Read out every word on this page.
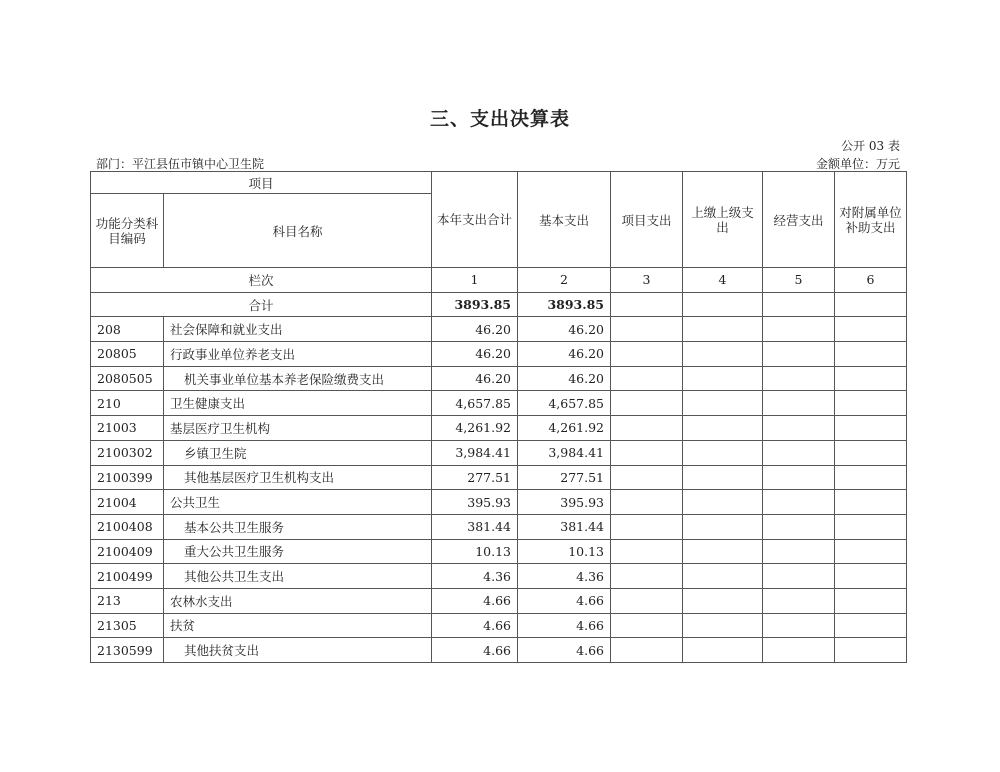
三、支出决算表
公开 03 表
部门：平江县伍市镇中心卫生院	金额单位：万元
项目		本年支出合计	基本支出	项目支出	上缴上级支出	经营支出	对附属单位补助支出
功能分类科目编码	科目名称						
栏次		1	2	3	4	5	6
合计		3893.85	3893.85				
208	社会保障和就业支出	46.20	46.20				
20805	行政事业单位养老支出	46.20	46.20				
2080505	机关事业单位基本养老保险缴费支出	46.20	46.20				
210	卫生健康支出	4,657.85	4,657.85				
21003	基层医疗卫生机构	4,261.92	4,261.92				
2100302	乡镇卫生院	3,984.41	3,984.41				
2100399	其他基层医疗卫生机构支出	277.51	277.51				
21004	公共卫生	395.93	395.93				
2100408	基本公共卫生服务	381.44	381.44				
2100409	重大公共卫生服务	10.13	10.13				
2100499	其他公共卫生支出	4.36	4.36				
213	农林水支出	4.66	4.66				
21305	扶贫	4.66	4.66				
2130599	其他扶贫支出	4.66	4.66				
